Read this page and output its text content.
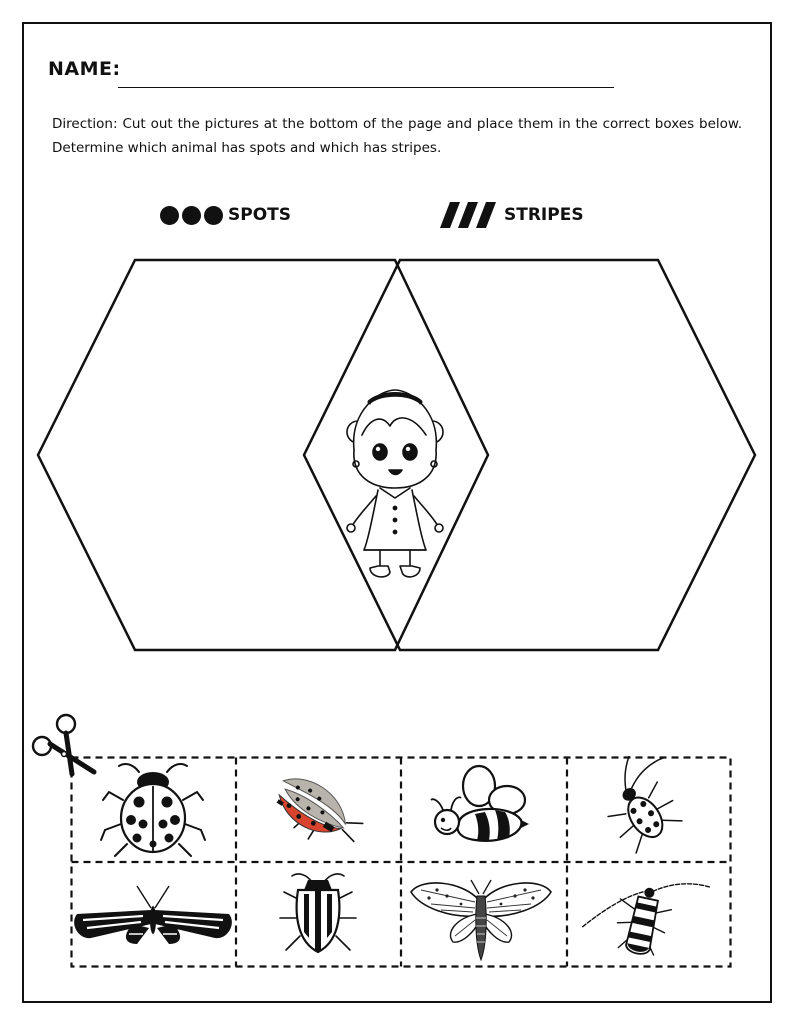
NAME:
Direction: Cut out the pictures at the bottom of the page and place them in the correct boxes below. Determine which animal has spots and which has stripes.
SPOTS	STRIPES
